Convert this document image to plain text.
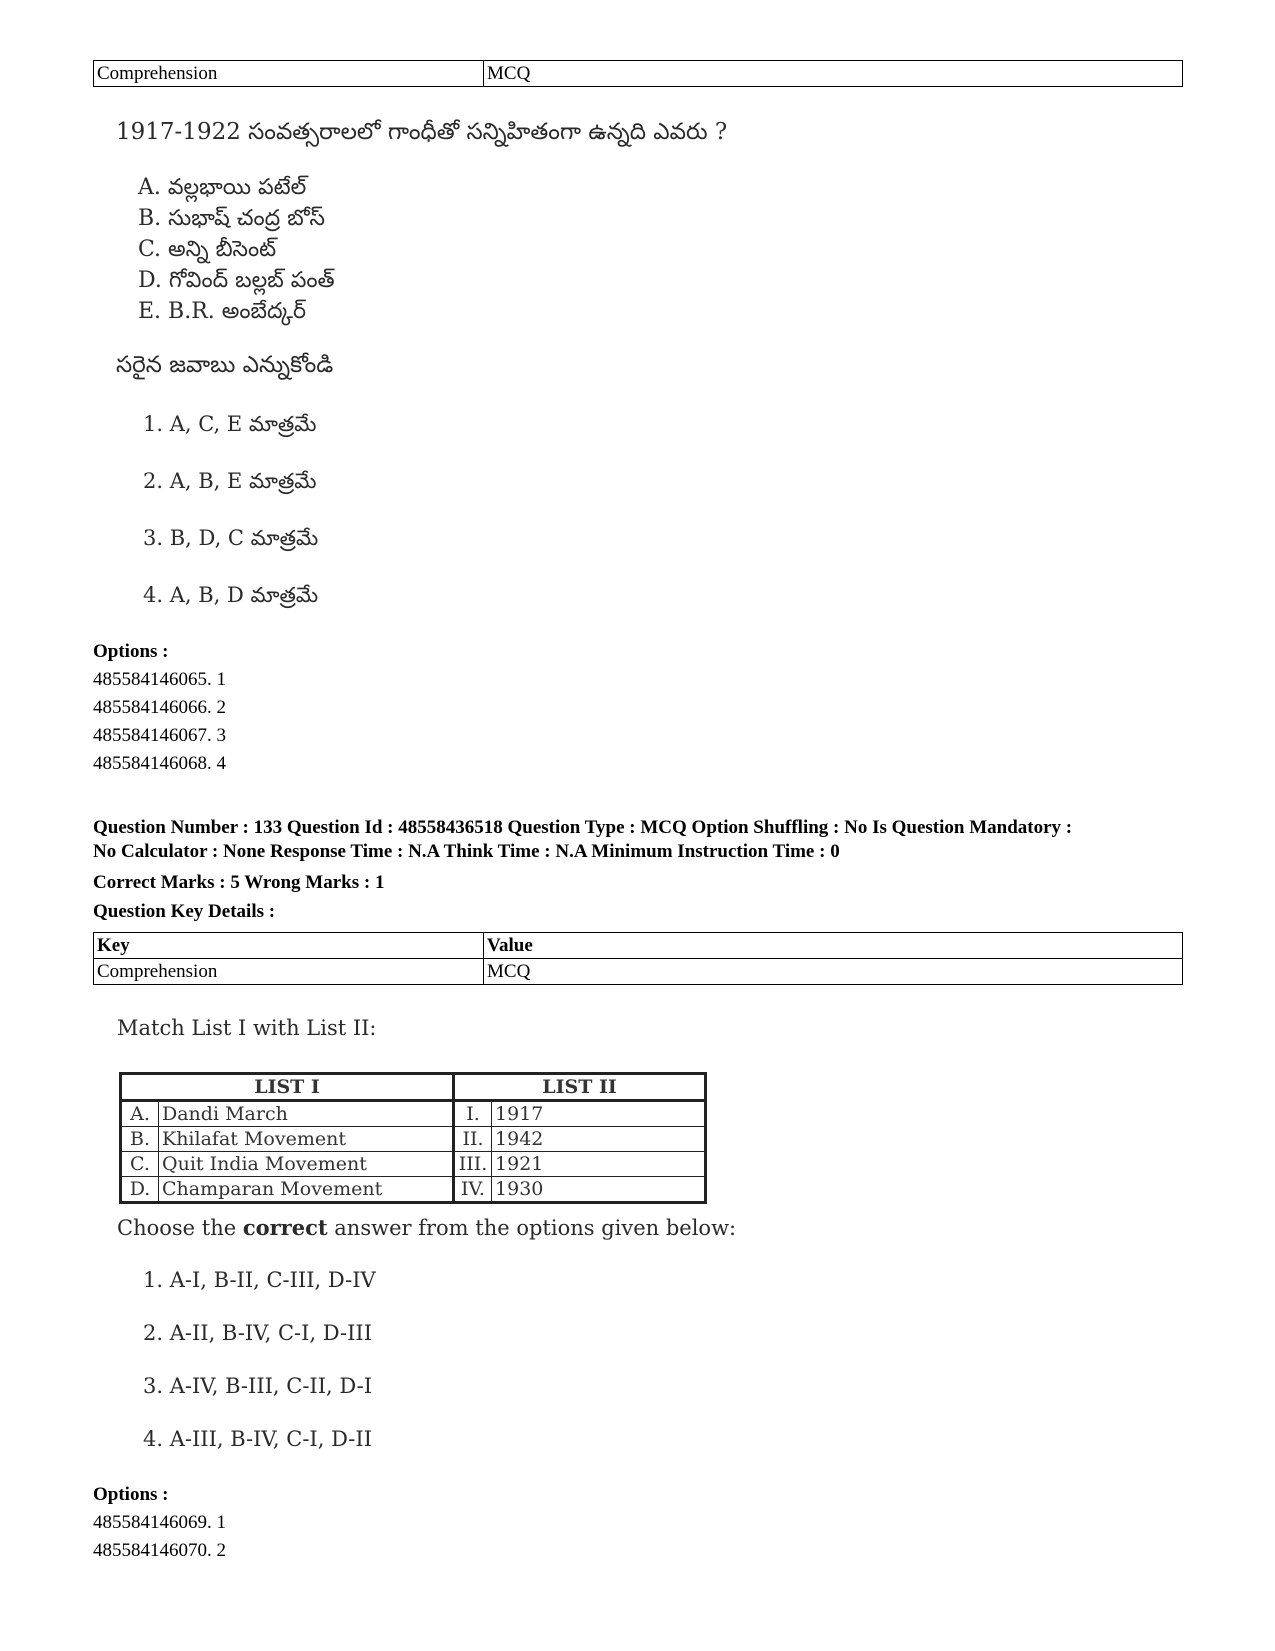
Comprehension	MCQ
1917-1922 సంవత్సరాలలో గాంధీతో సన్నిహితంగా ఉన్నది ఎవరు ?
A. వల్లభాయి పటేల్
B. సుభాష్ చంద్ర బోస్
C. అన్ని బీసెంట్
D. గోవింద్ బల్లబ్ పంత్
E. B.R. అంబేద్కర్
సరైన జవాబు ఎన్నుకోండి
1. A, C, E మాత్రమే
2. A, B, E మాత్రమే
3. B, D, C మాత్రమే
4. A, B, D మాత్రమే
Options :
485584146065. 1
485584146066. 2
485584146067. 3
485584146068. 4
Question Number : 133 Question Id : 48558436518 Question Type : MCQ Option Shuffling : No Is Question Mandatory :
No Calculator : None Response Time : N.A Think Time : N.A Minimum Instruction Time : 0
Correct Marks : 5 Wrong Marks : 1
Question Key Details :
Key	Value
Comprehension	MCQ
Match List I with List II:
LIST I		LIST II	
A.	Dandi March	I.	1917
B.	Khilafat Movement	II.	1942
C.	Quit India Movement	III.	1921
D.	Champaran Movement	IV.	1930
Choose the correct answer from the options given below:
1. A-I, B-II, C-III, D-IV
2. A-II, B-IV, C-I, D-III
3. A-IV, B-III, C-II, D-I
4. A-III, B-IV, C-I, D-II
Options :
485584146069. 1
485584146070. 2
